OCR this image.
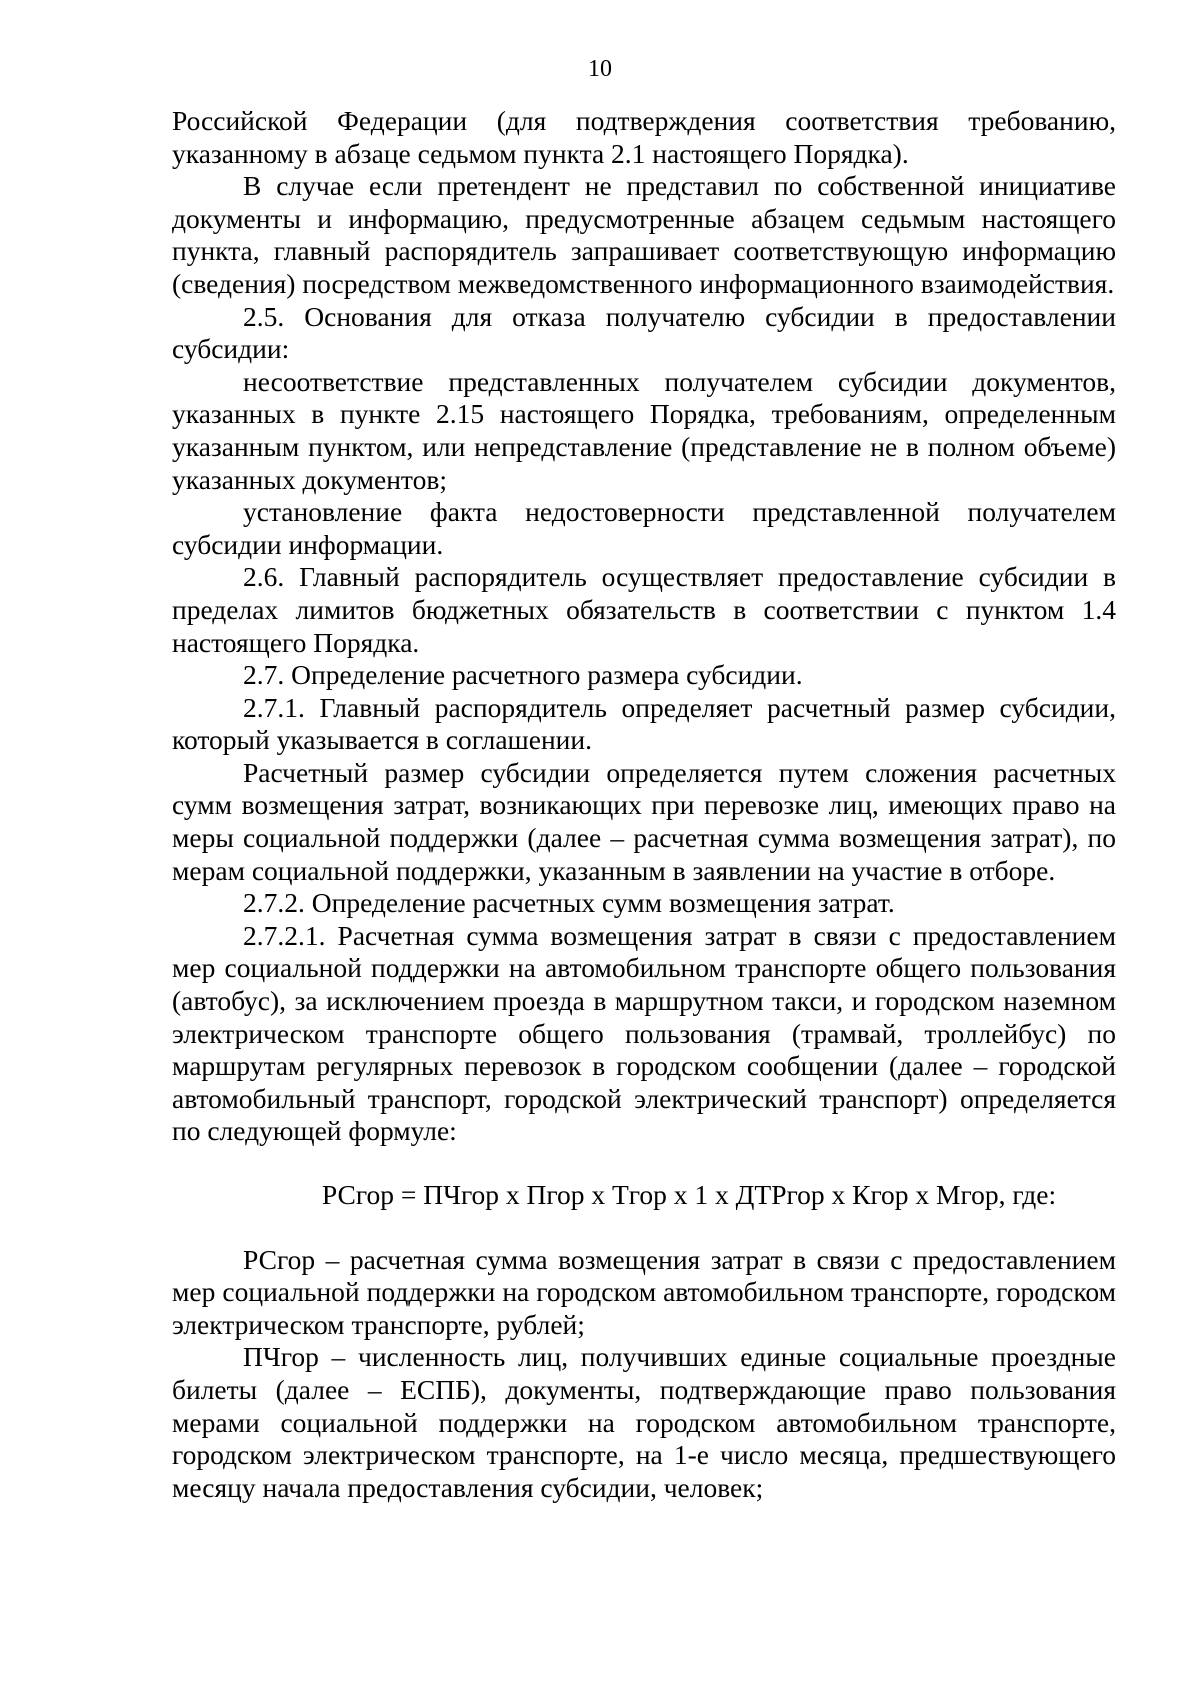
10

Российской Федерации (для подтверждения соответствия требованию, указанному в абзаце седьмом пункта 2.1 настоящего Порядка).

В случае если претендент не представил по собственной инициативе документы и информацию, предусмотренные абзацем седьмым настоящего пункта, главный распорядитель запрашивает соответствующую информацию (сведения) посредством межведомственного информационного взаимодействия.

2.5. Основания для отказа получателю субсидии в предоставлении субсидии:

несоответствие представленных получателем субсидии документов, указанных в пункте 2.15 настоящего Порядка, требованиям, определенным указанным пунктом, или непредставление (представление не в полном объеме) указанных документов;

установление факта недостоверности представленной получателем субсидии информации.

2.6. Главный распорядитель осуществляет предоставление субсидии в пределах лимитов бюджетных обязательств в соответствии с пунктом 1.4 настоящего Порядка.

2.7. Определение расчетного размера субсидии.

2.7.1. Главный распорядитель определяет расчетный размер субсидии, который указывается в соглашении.

Расчетный размер субсидии определяется путем сложения расчетных сумм возмещения затрат, возникающих при перевозке лиц, имеющих право на меры социальной поддержки (далее – расчетная сумма возмещения затрат), по мерам социальной поддержки, указанным в заявлении на участие в отборе.

2.7.2. Определение расчетных сумм возмещения затрат.

2.7.2.1. Расчетная сумма возмещения затрат в связи с предоставлением мер социальной поддержки на автомобильном транспорте общего пользования (автобус), за исключением проезда в маршрутном такси, и городском наземном электрическом транспорте общего пользования (трамвай, троллейбус) по маршрутам регулярных перевозок в городском сообщении (далее – городской автомобильный транспорт, городской электрический транспорт) определяется по следующей формуле:

РСгор = ПЧгор х Пгор х Тгор х 1 х ДТРгор х Кгор х Мгор, где:

РСгор – расчетная сумма возмещения затрат в связи с предоставлением мер социальной поддержки на городском автомобильном транспорте, городском электрическом транспорте, рублей;

ПЧгор – численность лиц, получивших единые социальные проездные билеты (далее – ЕСПБ), документы, подтверждающие право пользования мерами социальной поддержки на городском автомобильном транспорте, городском электрическом транспорте, на 1-е число месяца, предшествующего месяцу начала предоставления субсидии, человек;
